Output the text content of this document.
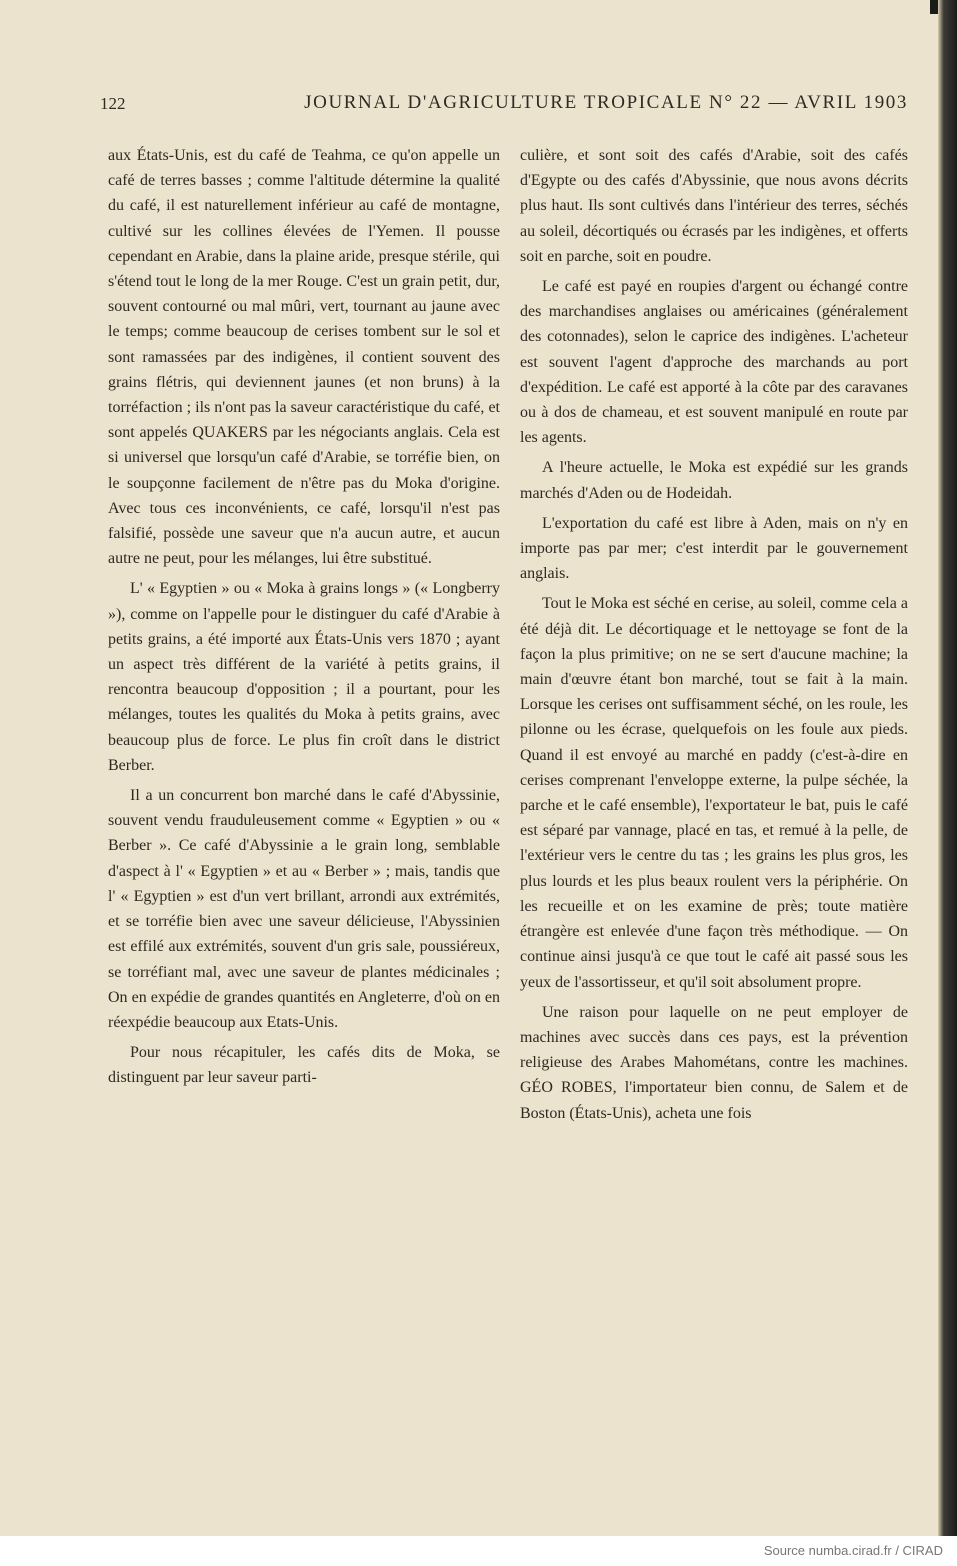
122	JOURNAL D'AGRICULTURE TROPICALE N° 22 — AVRIL 1903

aux États-Unis, est du café de Teahma, ce qu'on appelle un café de terres basses ; comme l'altitude détermine la qualité du café, il est naturellement inférieur au café de montagne, cultivé sur les collines élevées de l'Yemen. Il pousse cependant en Arabie, dans la plaine aride, presque stérile, qui s'étend tout le long de la mer Rouge. C'est un grain petit, dur, souvent contourné ou mal mûri, vert, tournant au jaune avec le temps; comme beaucoup de cerises tombent sur le sol et sont ramassées par des indigènes, il contient souvent des grains flétris, qui deviennent jaunes (et non bruns) à la torréfaction ; ils n'ont pas la saveur caractéristique du café, et sont appelés QUAKERS par les négociants anglais. Cela est si universel que lorsqu'un café d'Arabie, se torréfie bien, on le soupçonne facilement de n'être pas du Moka d'origine. Avec tous ces inconvénients, ce café, lorsqu'il n'est pas falsifié, possède une saveur que n'a aucun autre, et aucun autre ne peut, pour les mélanges, lui être substitué.

L' « Egyptien » ou « Moka à grains longs » (« Longberry »), comme on l'appelle pour le distinguer du café d'Arabie à petits grains, a été importé aux États-Unis vers 1870 ; ayant un aspect très différent de la variété à petits grains, il rencontra beaucoup d'opposition ; il a pourtant, pour les mélanges, toutes les qualités du Moka à petits grains, avec beaucoup plus de force. Le plus fin croît dans le district Berber.

Il a un concurrent bon marché dans le café d'Abyssinie, souvent vendu frauduleusement comme « Egyptien » ou « Berber ». Ce café d'Abyssinie a le grain long, semblable d'aspect à l' « Egyptien » et au « Berber » ; mais, tandis que l' « Egyptien » est d'un vert brillant, arrondi aux extrémités, et se torréfie bien avec une saveur délicieuse, l'Abyssinien est effilé aux extrémités, souvent d'un gris sale, poussiéreux, se torréfiant mal, avec une saveur de plantes médicinales ; On en expédie de grandes quantités en Angleterre, d'où on en réexpédie beaucoup aux Etats-Unis.

Pour nous récapituler, les cafés dits de Moka, se distinguent par leur saveur parti-

culière, et sont soit des cafés d'Arabie, soit des cafés d'Egypte ou des cafés d'Abyssinie, que nous avons décrits plus haut. Ils sont cultivés dans l'intérieur des terres, séchés au soleil, décortiqués ou écrasés par les indigènes, et offerts soit en parche, soit en poudre.

Le café est payé en roupies d'argent ou échangé contre des marchandises anglaises ou américaines (généralement des cotonnades), selon le caprice des indigènes. L'acheteur est souvent l'agent d'approche des marchands au port d'expédition. Le café est apporté à la côte par des caravanes ou à dos de chameau, et est souvent manipulé en route par les agents.

A l'heure actuelle, le Moka est expédié sur les grands marchés d'Aden ou de Hodeidah.

L'exportation du café est libre à Aden, mais on n'y en importe pas par mer; c'est interdit par le gouvernement anglais.

Tout le Moka est séché en cerise, au soleil, comme cela a été déjà dit. Le décortiquage et le nettoyage se font de la façon la plus primitive; on ne se sert d'aucune machine; la main d'œuvre étant bon marché, tout se fait à la main. Lorsque les cerises ont suffisamment séché, on les roule, les pilonne ou les écrase, quelquefois on les foule aux pieds. Quand il est envoyé au marché en paddy (c'est-à-dire en cerises comprenant l'enveloppe externe, la pulpe séchée, la parche et le café ensemble), l'exportateur le bat, puis le café est séparé par vannage, placé en tas, et remué à la pelle, de l'extérieur vers le centre du tas ; les grains les plus gros, les plus lourds et les plus beaux roulent vers la périphérie. On les recueille et on les examine de près; toute matière étrangère est enlevée d'une façon très méthodique. — On continue ainsi jusqu'à ce que tout le café ait passé sous les yeux de l'assortisseur, et qu'il soit absolument propre.

Une raison pour laquelle on ne peut employer de machines avec succès dans ces pays, est la prévention religieuse des Arabes Mahométans, contre les machines. GÉO ROBES, l'importateur bien connu, de Salem et de Boston (États-Unis), acheta une fois

Source numba.cirad.fr / CIRAD
